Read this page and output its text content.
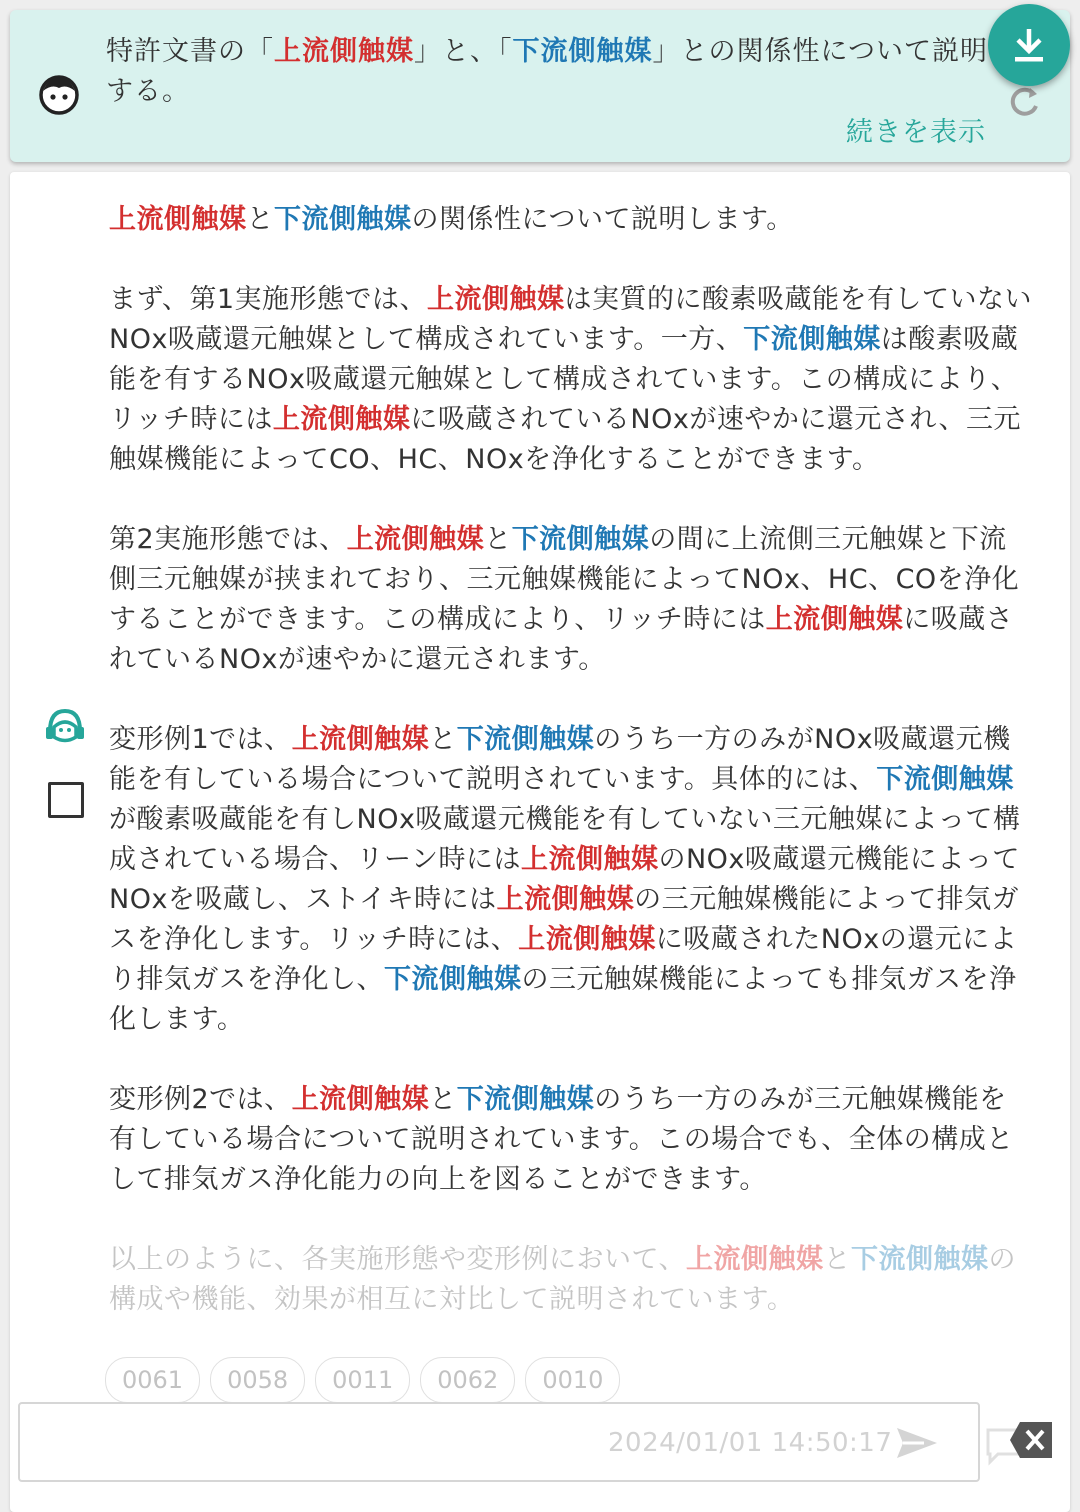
特許文書の「上流側触媒」と、「下流側触媒」との関係性について説明する。
続きを表示

上流側触媒と下流側触媒の関係性について説明します。

まず、第1実施形態では、上流側触媒は実質的に酸素吸蔵能を有していないNOx吸蔵還元触媒として構成されています。一方、下流側触媒は酸素吸蔵能を有するNOx吸蔵還元触媒として構成されています。この構成により、リッチ時には上流側触媒に吸蔵されているNOxが速やかに還元され、三元触媒機能によってCO、HC、NOxを浄化することができます。

第2実施形態では、上流側触媒と下流側触媒の間に上流側三元触媒と下流側三元触媒が挟まれており、三元触媒機能によってNOx、HC、COを浄化することができます。この構成により、リッチ時には上流側触媒に吸蔵されているNOxが速やかに還元されます。

変形例1では、上流側触媒と下流側触媒のうち一方のみがNOx吸蔵還元機能を有している場合について説明されています。具体的には、下流側触媒が酸素吸蔵能を有しNOx吸蔵還元機能を有していない三元触媒によって構成されている場合、リーン時には上流側触媒のNOx吸蔵還元機能によってNOxを吸蔵し、ストイキ時には上流側触媒の三元触媒機能によって排気ガスを浄化します。リッチ時には、上流側触媒に吸蔵されたNOxの還元により排気ガスを浄化し、下流側触媒の三元触媒機能によっても排気ガスを浄化します。

変形例2では、上流側触媒と下流側触媒のうち一方のみが三元触媒機能を有している場合について説明されています。この場合でも、全体の構成として排気ガス浄化能力の向上を図ることができます。

以上のように、各実施形態や変形例において、上流側触媒と下流側触媒の構成や機能、効果が相互に対比して説明されています。

0061	0058	0011	0062	0010
2024/01/01 14:50:17
